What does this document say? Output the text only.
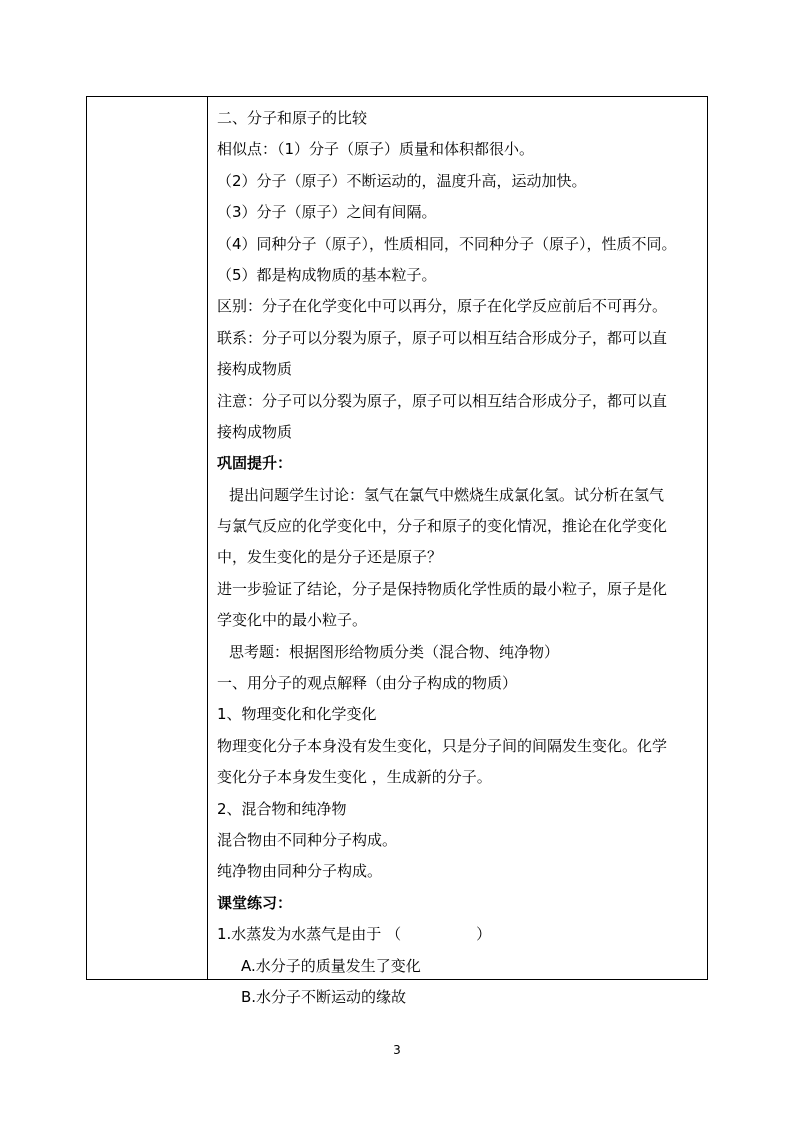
二、分子和原子的比较
相似点：（1）分子（原子）质量和体积都很小。
（2）分子（原子）不断运动的，温度升高，运动加快。
（3）分子（原子）之间有间隔。
（4）同种分子（原子），性质相同，不同种分子（原子），性质不同。
（5）都是构成物质的基本粒子。
区别：分子在化学变化中可以再分，原子在化学反应前后不可再分。
联系：分子可以分裂为原子，原子可以相互结合形成分子，都可以直
接构成物质
注意：分子可以分裂为原子，原子可以相互结合形成分子，都可以直
接构成物质
巩固提升：
提出问题学生讨论：氢气在氯气中燃烧生成氯化氢。试分析在氢气
与氯气反应的化学变化中，分子和原子的变化情况，推论在化学变化
中，发生变化的是分子还是原子？
进一步验证了结论，分子是保持物质化学性质的最小粒子，原子是化
学变化中的最小粒子。
思考题：根据图形给物质分类（混合物、纯净物）
一、用分子的观点解释（由分子构成的物质）
1、物理变化和化学变化
物理变化分子本身没有发生变化，只是分子间的间隔发生变化。化学
变化分子本身发生变化 ，生成新的分子。
2、混合物和纯净物
混合物由不同种分子构成。
纯净物由同种分子构成。
课堂练习：
1.水蒸发为水蒸气是由于 （　　　　　）
A.水分子的质量发生了变化
B.水分子不断运动的缘故
3
